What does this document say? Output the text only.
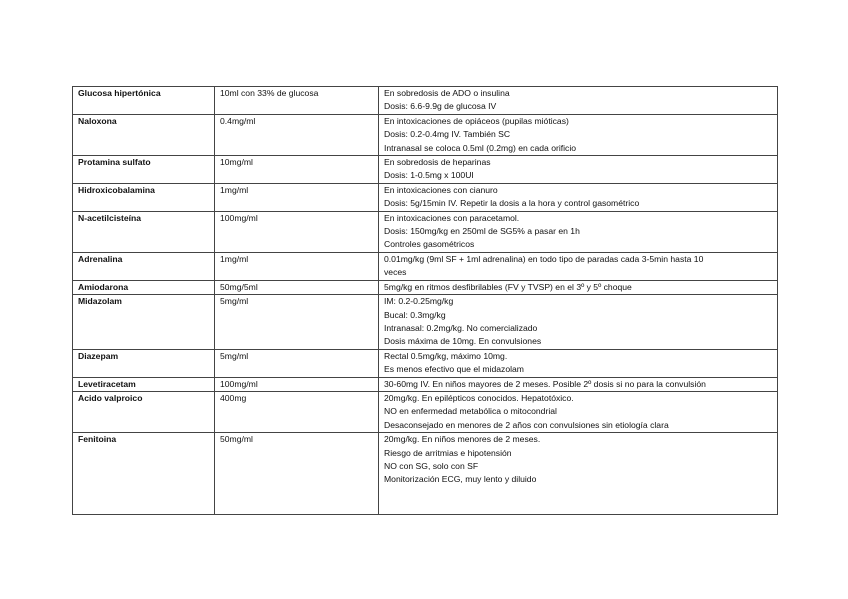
Glucosa hipertónica	10ml con 33% de glucosa	En sobredosis de ADO o insulina
Dosis: 6.6-9.9g de glucosa IV

Naloxona	0.4mg/ml	En intoxicaciones de opiáceos (pupilas mióticas)
Dosis: 0.2-0.4mg IV. También SC
Intranasal se coloca 0.5ml (0.2mg) en cada orificio

Protamina sulfato	10mg/ml	En sobredosis de heparinas
Dosis: 1-0.5mg x 100UI

Hidroxicobalamina	1mg/ml	En intoxicaciones con cianuro
Dosis: 5g/15min IV. Repetir la dosis a la hora y control gasométrico

N-acetilcisteína	100mg/ml	En intoxicaciones con paracetamol.
Dosis: 150mg/kg en 250ml de SG5% a pasar en 1h
Controles gasométricos

Adrenalina	1mg/ml	0.01mg/kg (9ml SF + 1ml adrenalina) en todo tipo de paradas cada 3-5min hasta 10
veces

Amiodarona	50mg/5ml	5mg/kg en ritmos desfibrilables (FV y TVSP) en el 3º y 5º choque

Midazolam	5mg/ml	IM: 0.2-0.25mg/kg
Bucal: 0.3mg/kg
Intranasal: 0.2mg/kg. No comercializado
Dosis máxima de 10mg. En convulsiones

Diazepam	5mg/ml	Rectal 0.5mg/kg, máximo 10mg.
Es menos efectivo que el midazolam

Levetiracetam	100mg/ml	30-60mg IV. En niños mayores de 2 meses. Posible 2º dosis si no para la convulsión

Acido valproico	400mg	20mg/kg. En epilépticos conocidos. Hepatotóxico.
NO en enfermedad metabólica o mitocondrial
Desaconsejado en menores de 2 años con convulsiones sin etiología clara

Fenitoina	50mg/ml	20mg/kg. En niños menores de 2 meses.
Riesgo de arritmias e hipotensión
NO con SG, solo con SF
Monitorización ECG, muy lento y diluido
